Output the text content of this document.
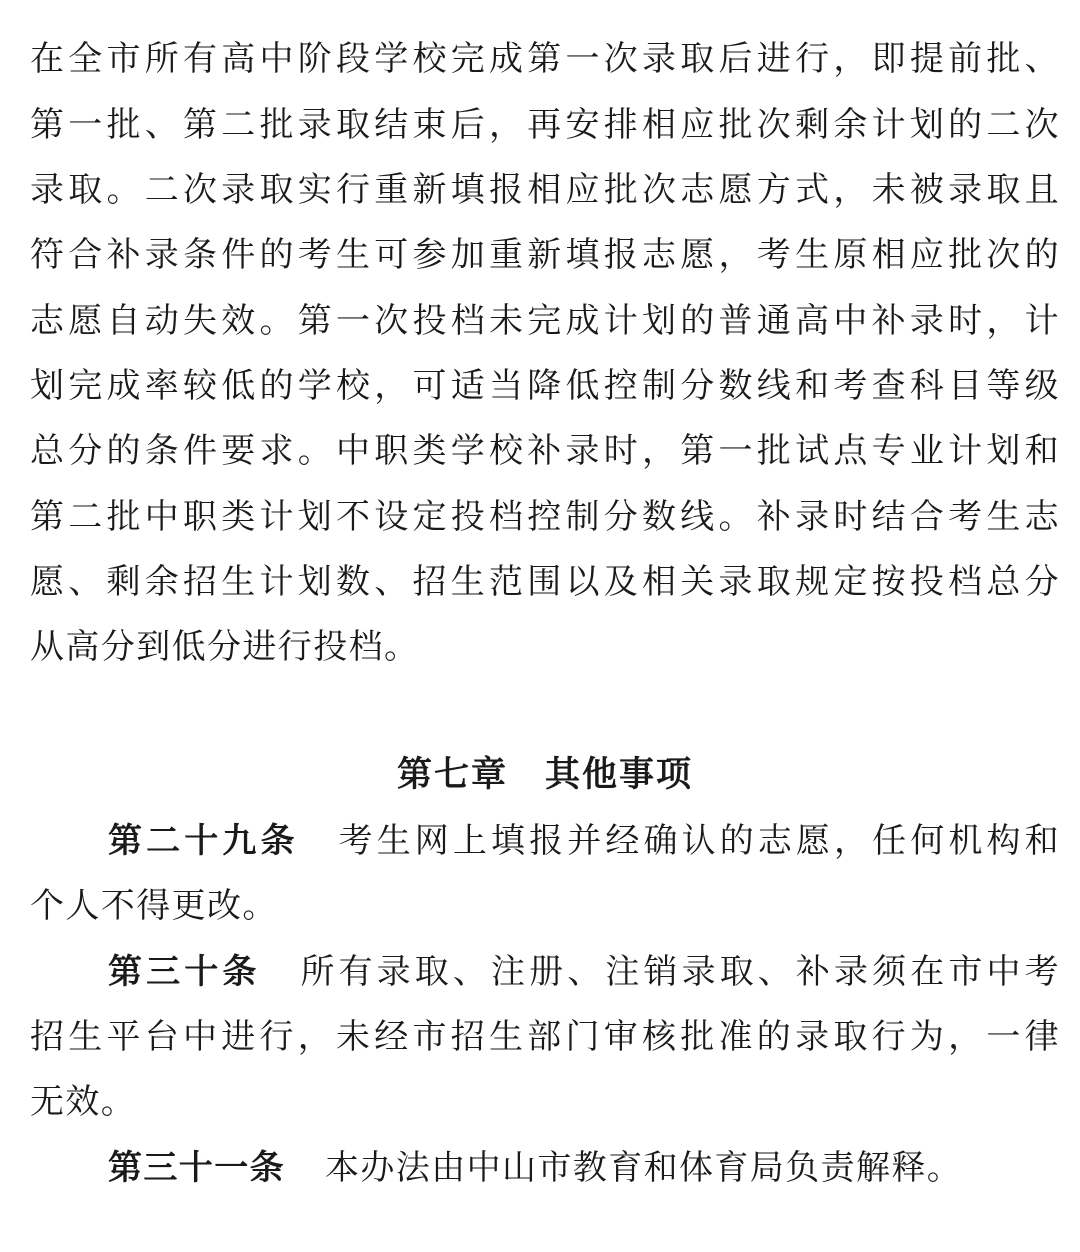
在全市所有高中阶段学校完成第一次录取后进行，即提前批、
第一批、第二批录取结束后，再安排相应批次剩余计划的二次
录取。二次录取实行重新填报相应批次志愿方式，未被录取且
符合补录条件的考生可参加重新填报志愿，考生原相应批次的
志愿自动失效。第一次投档未完成计划的普通高中补录时，计
划完成率较低的学校，可适当降低控制分数线和考查科目等级
总分的条件要求。中职类学校补录时，第一批试点专业计划和
第二批中职类计划不设定投档控制分数线。补录时结合考生志
愿、剩余招生计划数、招生范围以及相关录取规定按投档总分
从高分到低分进行投档。
第七章　其他事项
第二十九条 考生网上填报并经确认的志愿，任何机构和
个人不得更改。
第三十条 所有录取、注册、注销录取、补录须在市中考
招生平台中进行，未经市招生部门审核批准的录取行为，一律
无效。
第三十一条 本办法由中山市教育和体育局负责解释。
